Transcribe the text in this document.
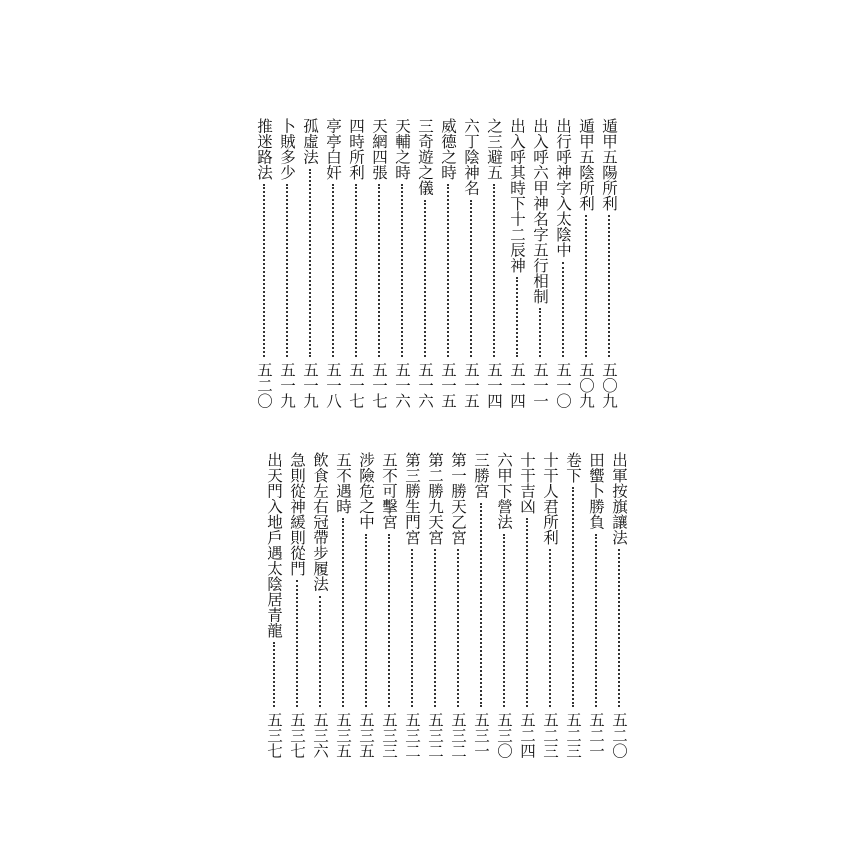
遁甲五陽所利
五〇九
遁甲五陰所利
五〇九
出行呼神字入太陰中
五一〇
出入呼六甲神名字五行相制
五一一
出入呼其時下十二辰神
五一四
之三避五
五一四
六丁陰神名
五一五
威德之時
五一五
三奇遊之儀
五一六
天輔之時
五一六
天網四張
五一七
四時所利
五一七
亭亭白奸
五一八
孤虛法
五一九
卜賊多少
五一九
推迷路法
五二〇
出軍按旗讓法
五二〇
田蠁卜勝負
五二一
卷下
五二三
十干人君所利
五二三
十干吉凶
五二四
六甲下營法
五三〇
三勝宮
五三一
第一勝天乙宮
五三二
第二勝九天宮
五三二
第三勝生門宮
五三二
五不可擊宮
五三三
涉險危之中
五三五
五不遇時
五三五
飲食左右冠帶步履法
五三六
急則從神緩則從門
五三七
出天門入地戶遇太陰居青龍
五三七
